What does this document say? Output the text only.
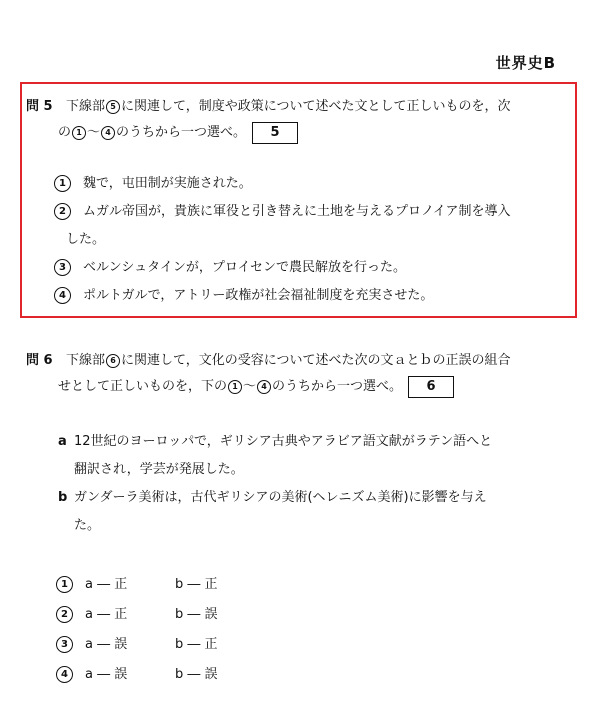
世界史B
問 5 下線部 5 に関連して，制度や政策について述べた文として正しいものを，次
の 1 ～ 4 のうちから一つ選べ。 5
1 魏で，屯田制が実施された。
2 ムガル帝国が，貴族に軍役と引き替えに土地を与えるプロノイア制を導入
した。
3 ベルンシュタインが，プロイセンで農民解放を行った。
4 ポルトガルで，アトリー政権が社会福祉制度を充実させた。
問 6 下線部 6 に関連して，文化の受容について述べた次の文ａとｂの正誤の組合
せとして正しいものを，下の 1 ～ 4 のうちから一つ選べ。 6
a 12世紀のヨーロッパで，ギリシア古典やアラビア語文献がラテン語へと
翻訳され，学芸が発展した。
b ガンダーラ美術は，古代ギリシアの美術(ヘレニズム美術)に影響を与え
た。
1 a ― 正	b ― 正
2 a ― 正	b ― 誤
3 a ― 誤	b ― 正
4 a ― 誤	b ― 誤
